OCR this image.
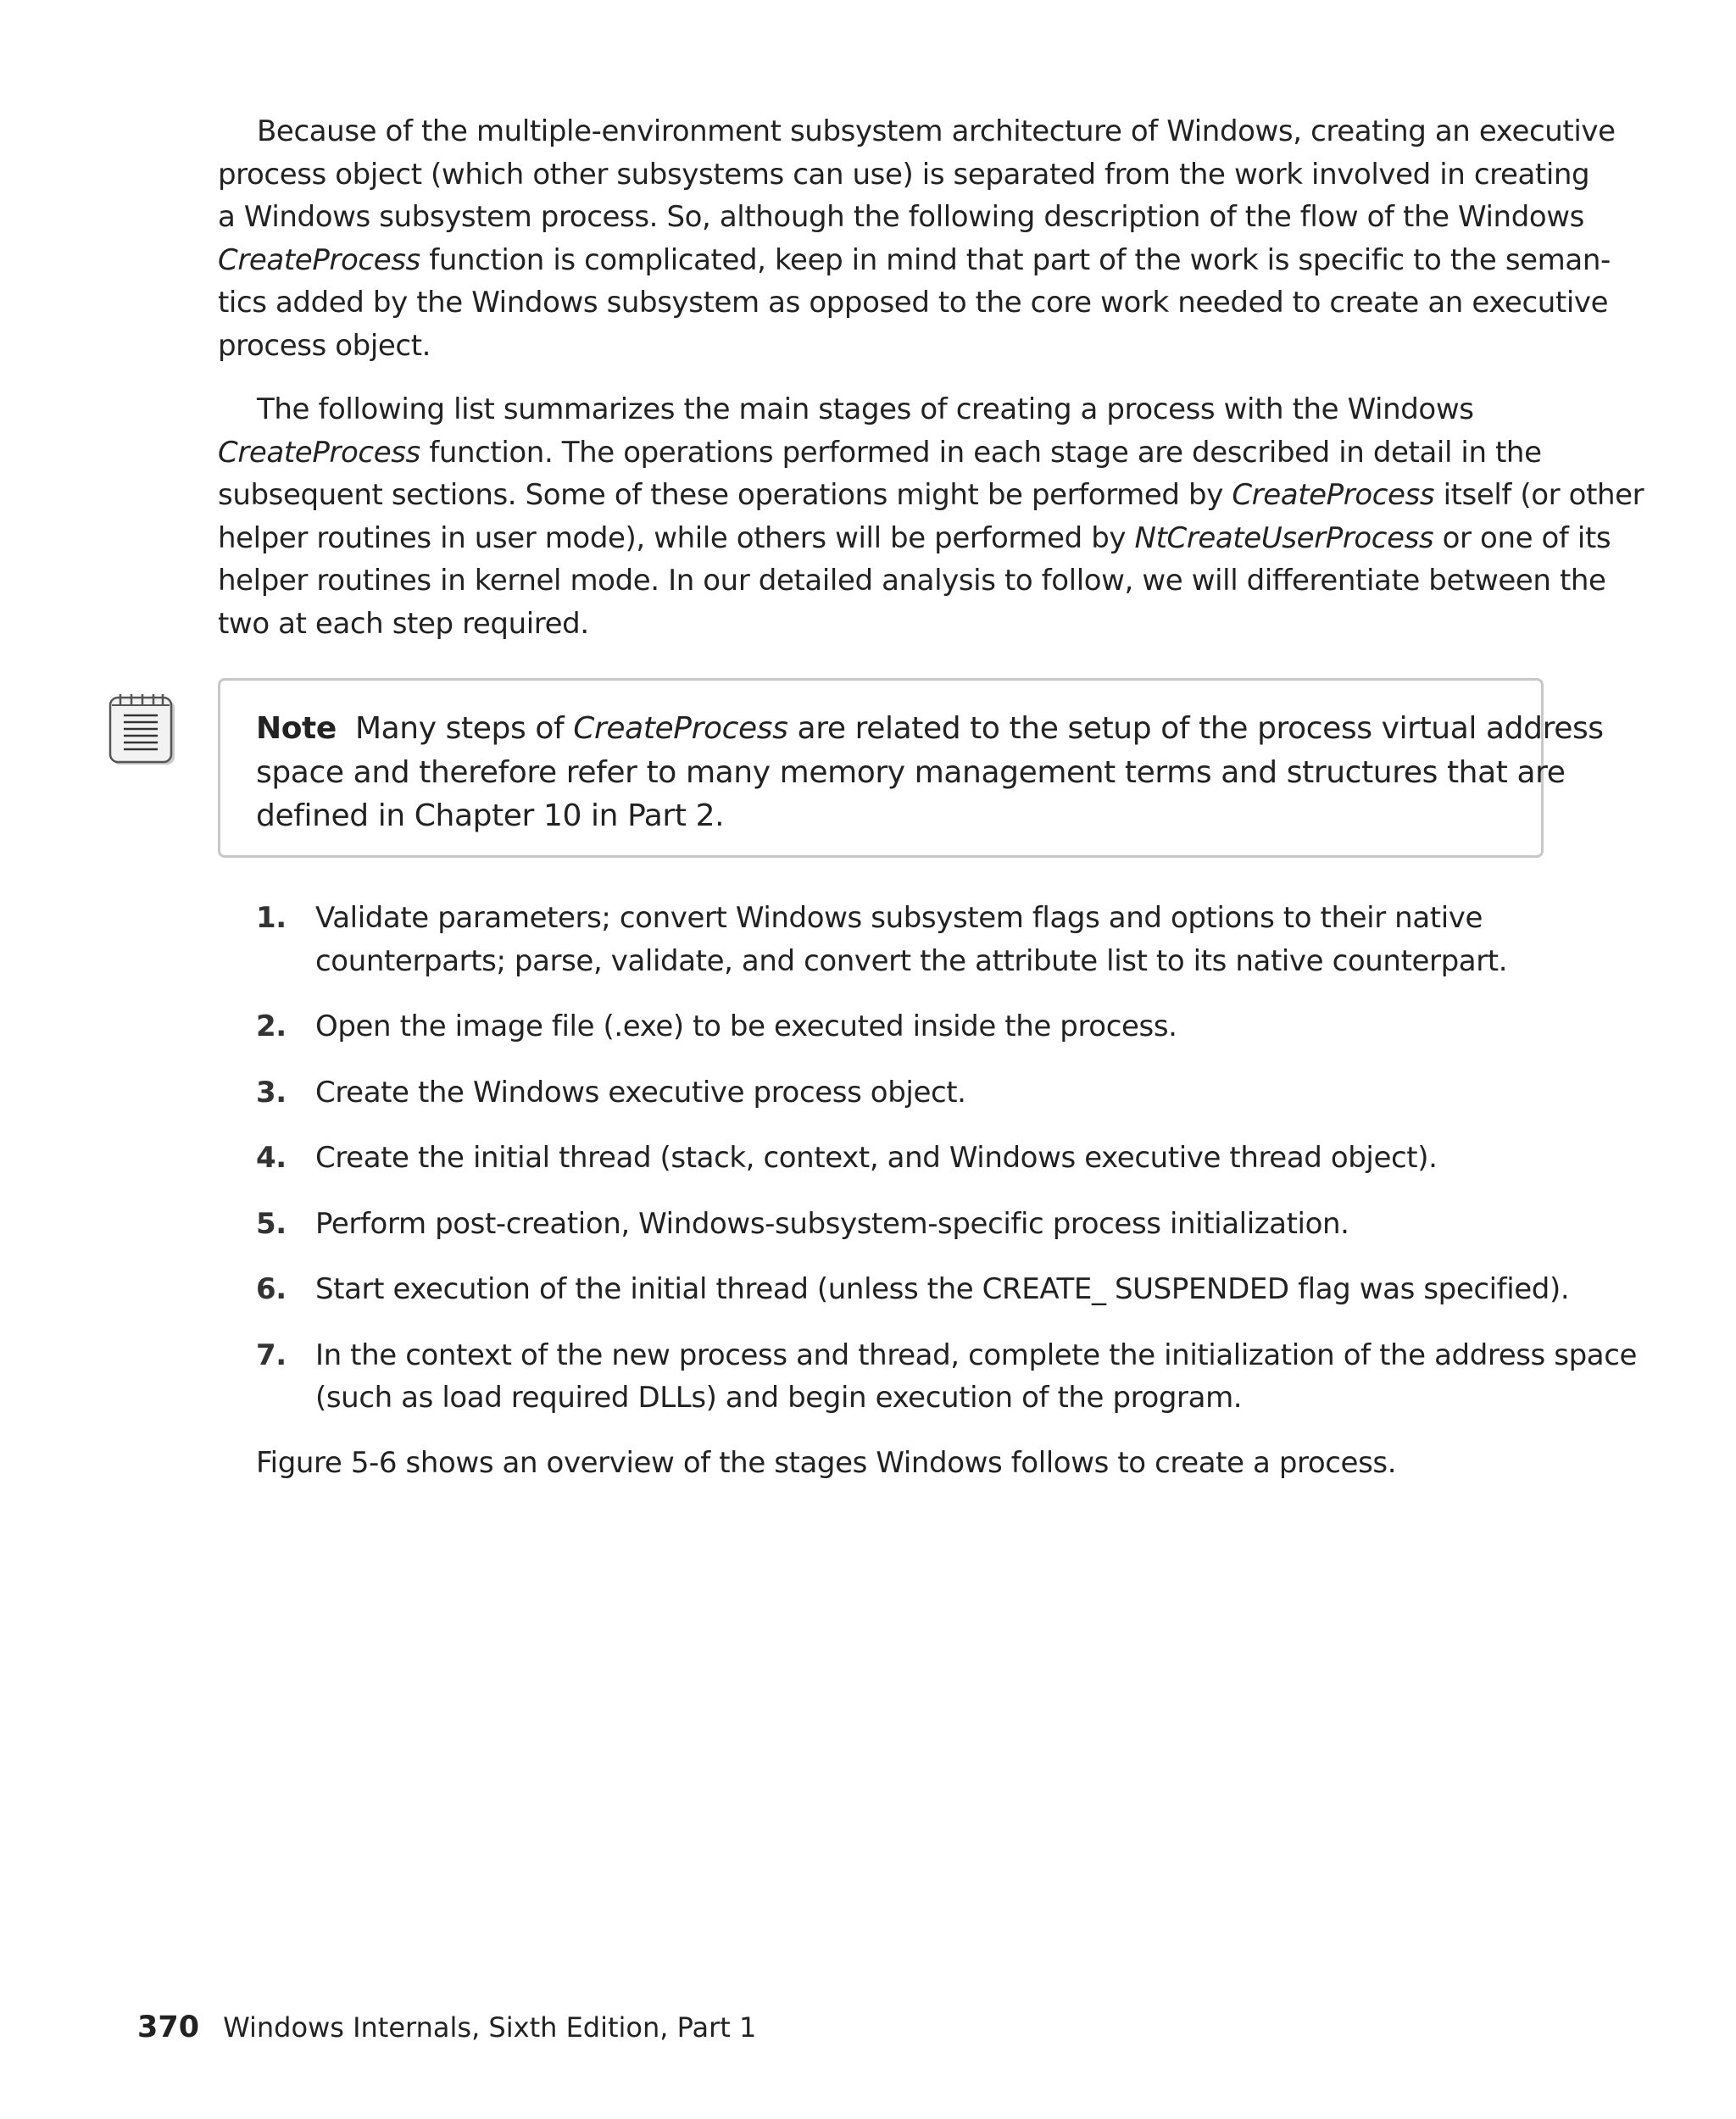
Because of the multiple-environment subsystem architecture of Windows, creating an executive
process object (which other subsystems can use) is separated from the work involved in creating
a Windows subsystem process. So, although the following description of the flow of the Windows
CreateProcess function is complicated, keep in mind that part of the work is specific to the seman-
tics added by the Windows subsystem as opposed to the core work needed to create an executive
process object.

The following list summarizes the main stages of creating a process with the Windows
CreateProcess function. The operations performed in each stage are described in detail in the
subsequent sections. Some of these operations might be performed by CreateProcess itself (or other
helper routines in user mode), while others will be performed by NtCreateUserProcess or one of its
helper routines in kernel mode. In our detailed analysis to follow, we will differentiate between the
two at each step required.

Note Many steps of CreateProcess are related to the setup of the process virtual address
space and therefore refer to many memory management terms and structures that are
defined in Chapter 10 in Part 2.

1. Validate parameters; convert Windows subsystem flags and options to their native
counterparts; parse, validate, and convert the attribute list to its native counterpart.
2. Open the image file (.exe) to be executed inside the process.
3. Create the Windows executive process object.
4. Create the initial thread (stack, context, and Windows executive thread object).
5. Perform post-creation, Windows-subsystem-specific process initialization.
6. Start execution of the initial thread (unless the CREATE_ SUSPENDED flag was specified).
7. In the context of the new process and thread, complete the initialization of the address space
(such as load required DLLs) and begin execution of the program.

Figure 5-6 shows an overview of the stages Windows follows to create a process.

370 Windows Internals, Sixth Edition, Part 1
